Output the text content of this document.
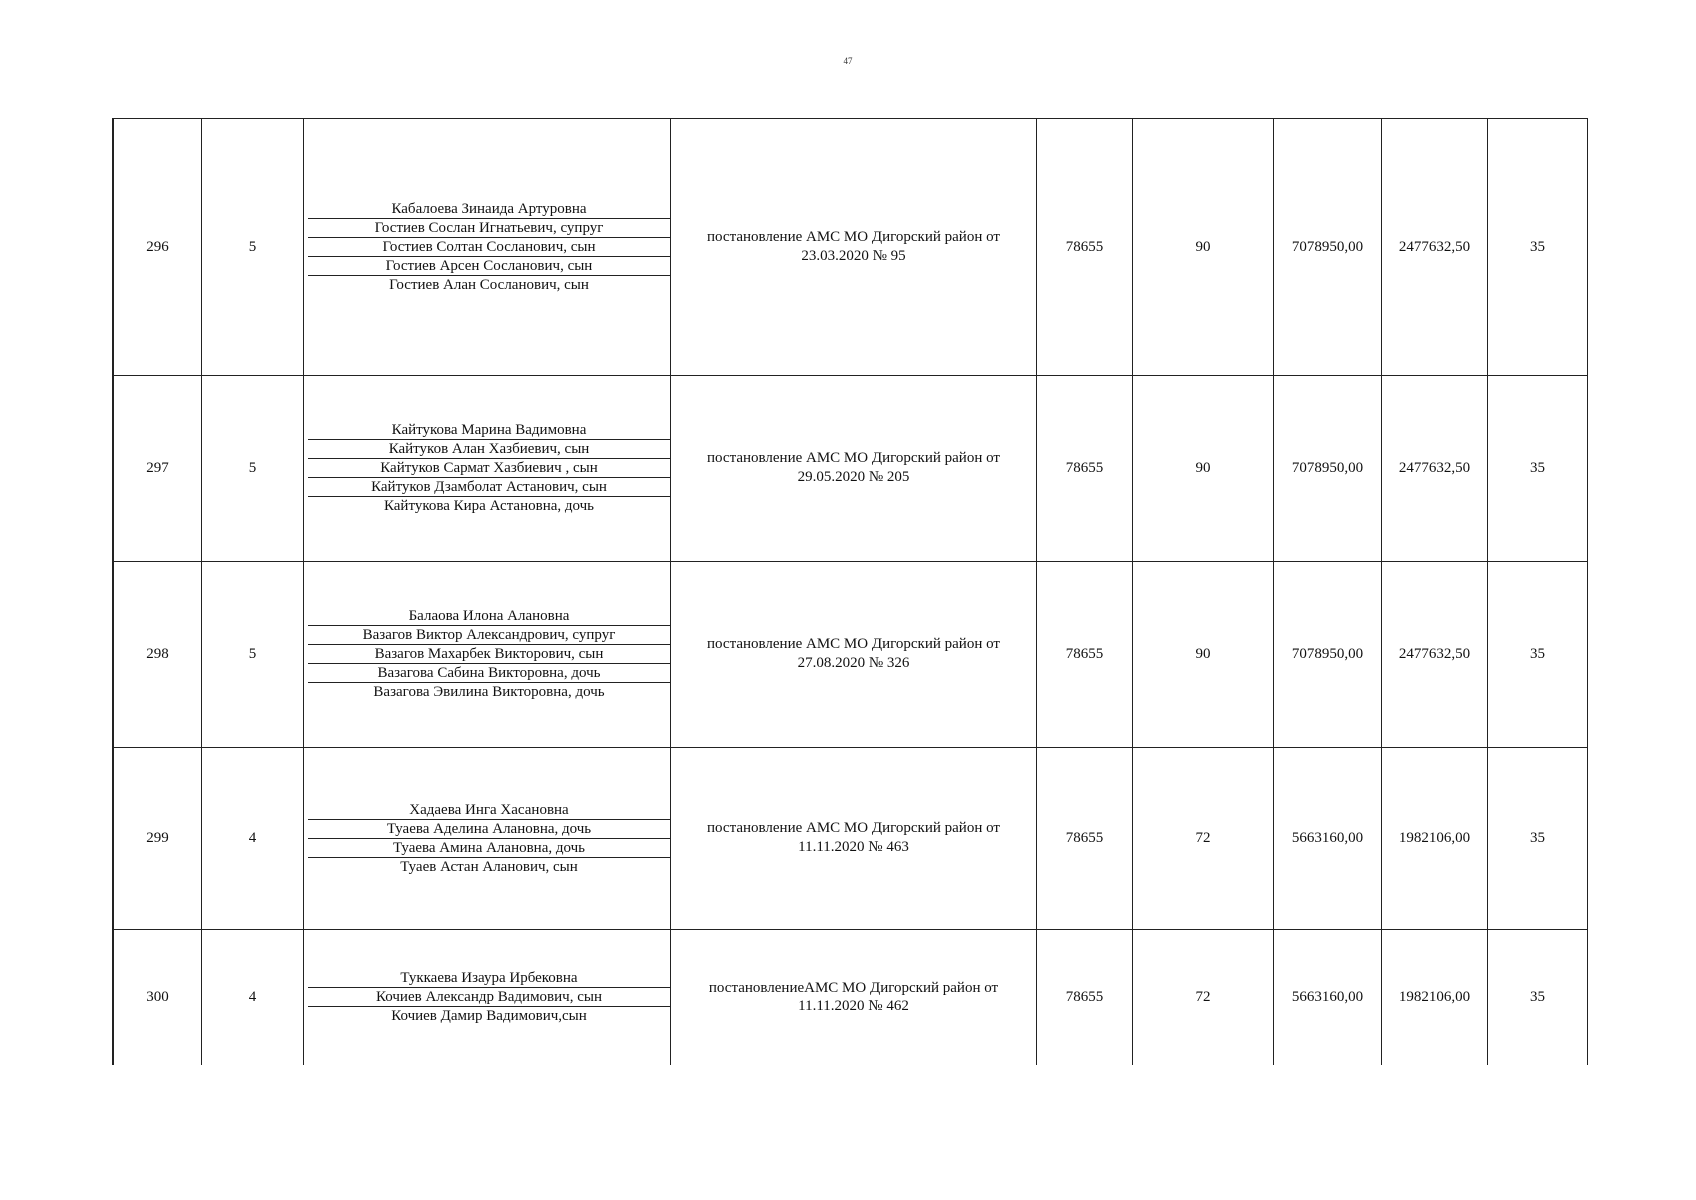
47
296	5	Кабалоева Зинаида Артуровна
Гостиев Сослан Игнатьевич, супруг
Гостиев Солтан Сосланович, сын
Гостиев Арсен Сосланович, сын
Гостиев Алан Сосланович, сын	постановление АМС МО Дигорский район от 23.03.2020 № 95	78655	90	7078950,00	2477632,50	35
297	5	Кайтукова Марина Вадимовна
Кайтуков Алан Хазбиевич, сын
Кайтуков Сармат Хазбиевич , сын
Кайтуков Дзамболат Астанович, сын
Кайтукова Кира Астановна, дочь	постановление АМС МО Дигорский район от 29.05.2020 № 205	78655	90	7078950,00	2477632,50	35
298	5	Балаова Илона Алановна
Вазагов Виктор Александрович, супруг
Вазагов Махарбек Викторович, сын
Вазагова Сабина Викторовна, дочь
Вазагова Эвилина Викторовна, дочь	постановление АМС МО Дигорский район от 27.08.2020 № 326	78655	90	7078950,00	2477632,50	35
299	4	Хадаева Инга Хасановна
Туаева Аделина Алановна, дочь
Туаева Амина Алановна, дочь
Туаев Астан Аланович, сын	постановление АМС МО Дигорский район от 11.11.2020 № 463	78655	72	5663160,00	1982106,00	35
300	4	Туккаева Изаура Ирбековна
Кочиев Александр Вадимович, сын
Кочиев Дамир Вадимович,сын	постановлениеАМС МО Дигорский район от 11.11.2020 № 462	78655	72	5663160,00	1982106,00	35
